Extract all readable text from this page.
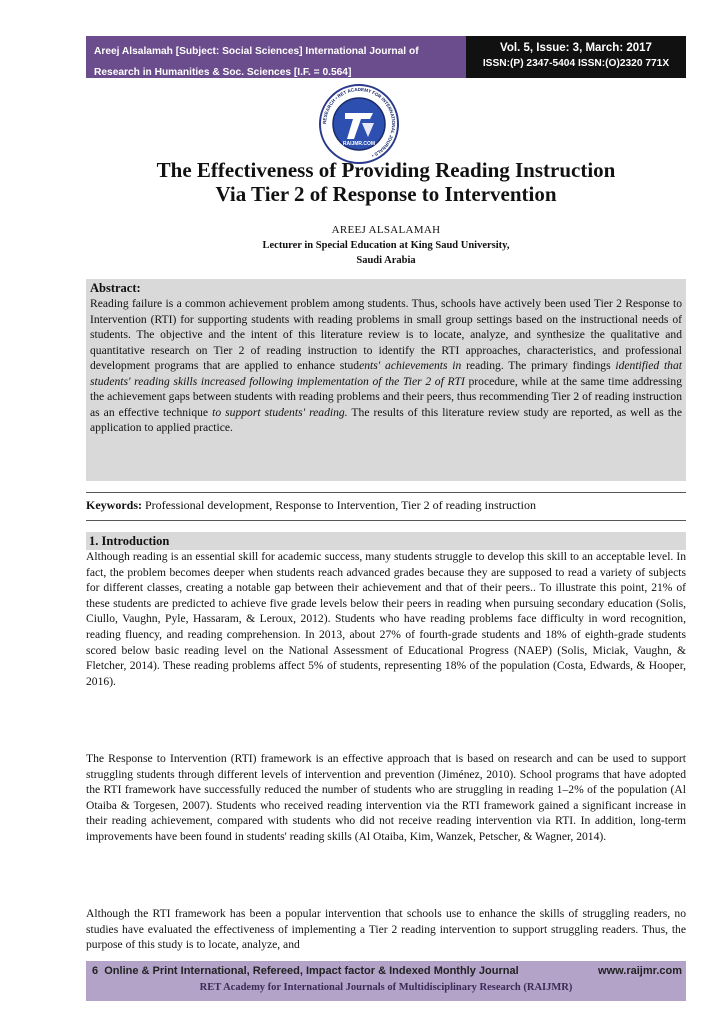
Areej Alsalamah [Subject: Social Sciences] International Journal of
Research in Humanities & Soc. Sciences [I.F. = 0.564]
Vol. 5, Issue: 3, March: 2017
ISSN:(P) 2347-5404 ISSN:(O)2320 771X
RAIJMR.COM
RESEARCH • RET ACADEMY FOR INTERNATIONAL JOURNALS •
The Effectiveness of Providing Reading Instruction
Via Tier 2 of Response to Intervention
AREEJ ALSALAMAH
Lecturer in Special Education at King Saud University,
Saudi Arabia
Abstract:
Reading failure is a common achievement problem among students. Thus, schools have actively been used Tier 2 Response to Intervention (RTI) for supporting students with reading problems in small group settings based on the instructional needs of students. The objective and the intent of this literature review is to locate, analyze, and synthesize the qualitative and quantitative research on Tier 2 of reading instruction to identify the RTI approaches, characteristics, and professional development programs that are applied to enhance students' achievements in reading. The primary findings identified that students' reading skills increased following implementation of the Tier 2 of RTI procedure, while at the same time addressing the achievement gaps between students with reading problems and their peers, thus recommending Tier 2 of reading instruction as an effective technique to support students' reading. The results of this literature review study are reported, as well as the application to applied practice.
Keywords: Professional development, Response to Intervention, Tier 2 of reading instruction
1. Introduction
Although reading is an essential skill for academic success, many students struggle to develop this skill to an acceptable level. In fact, the problem becomes deeper when students reach advanced grades because they are supposed to read a variety of subjects for different classes, creating a notable gap between their achievement and that of their peers.. To illustrate this point, 21% of these students are predicted to achieve five grade levels below their peers in reading when pursuing secondary education (Solis, Ciullo, Vaughn, Pyle, Hassaram, & Leroux, 2012). Students who have reading problems face difficulty in word recognition, reading fluency, and reading comprehension. In 2013, about 27% of fourth-grade students and 18% of eighth-grade students scored below basic reading level on the National Assessment of Educational Progress (NAEP) (Solis, Miciak, Vaughn, & Fletcher, 2014). These reading problems affect 5% of students, representing 18% of the population (Costa, Edwards, & Hooper, 2016).
The Response to Intervention (RTI) framework is an effective approach that is based on research and can be used to support struggling students through different levels of intervention and prevention (Jiménez, 2010). School programs that have adopted the RTI framework have successfully reduced the number of students who are struggling in reading 1–2% of the population (Al Otaiba & Torgesen, 2007). Students who received reading intervention via the RTI framework gained a significant increase in their reading achievement, compared with students who did not receive reading intervention via RTI. In addition, long-term improvements have been found in students' reading skills (Al Otaiba, Kim, Wanzek, Petscher, & Wagner, 2014).
Although the RTI framework has been a popular intervention that schools use to enhance the skills of struggling readers, no studies have evaluated the effectiveness of implementing a Tier 2 reading intervention to support struggling readers. Thus, the purpose of this study is to locate, analyze, and
6 Online & Print International, Refereed, Impact factor & Indexed Monthly Journal	www.raijmr.com
RET Academy for International Journals of Multidisciplinary Research (RAIJMR)
